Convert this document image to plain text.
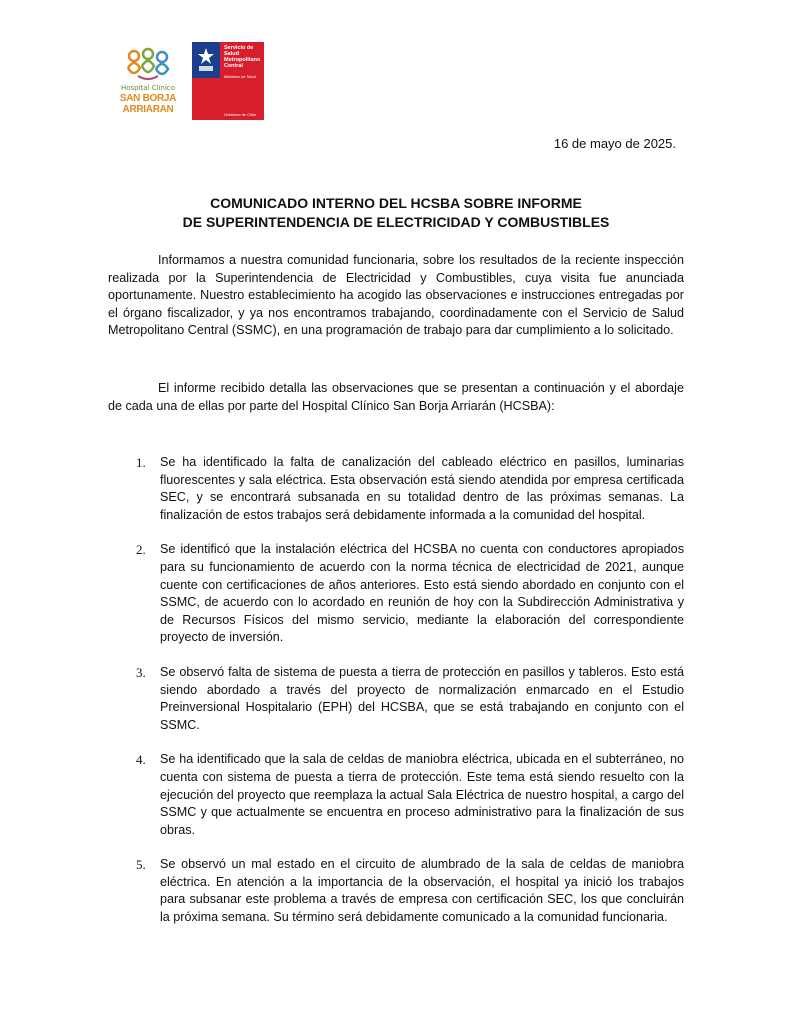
Hospital Clínico
SAN BORJA
ARRIARAN
Servicio de Salud Metropolitano Central
Ministerio de Salud
Gobierno de Chile
16 de mayo de 2025.
COMUNICADO INTERNO DEL HCSBA SOBRE INFORME
DE SUPERINTENDENCIA DE ELECTRICIDAD Y COMBUSTIBLES
Informamos a nuestra comunidad funcionaria, sobre los resultados de la reciente inspección realizada por la Superintendencia de Electricidad y Combustibles, cuya visita fue anunciada oportunamente. Nuestro establecimiento ha acogido las observaciones e instrucciones entregadas por el órgano fiscalizador, y ya nos encontramos trabajando, coordinadamente con el Servicio de Salud Metropolitano Central (SSMC), en una programación de trabajo para dar cumplimiento a lo solicitado.
El informe recibido detalla las observaciones que se presentan a continuación y el abordaje de cada una de ellas por parte del Hospital Clínico San Borja Arriarán (HCSBA):
1. Se ha identificado la falta de canalización del cableado eléctrico en pasillos, luminarias fluorescentes y sala eléctrica. Esta observación está siendo atendida por empresa certificada SEC, y se encontrará subsanada en su totalidad dentro de las próximas semanas. La finalización de estos trabajos será debidamente informada a la comunidad del hospital.
2. Se identificó que la instalación eléctrica del HCSBA no cuenta con conductores apropiados para su funcionamiento de acuerdo con la norma técnica de electricidad de 2021, aunque cuente con certificaciones de años anteriores. Esto está siendo abordado en conjunto con el SSMC, de acuerdo con lo acordado en reunión de hoy con la Subdirección Administrativa y de Recursos Físicos del mismo servicio, mediante la elaboración del correspondiente proyecto de inversión.
3. Se observó falta de sistema de puesta a tierra de protección en pasillos y tableros. Esto está siendo abordado a través del proyecto de normalización enmarcado en el Estudio Preinversional Hospitalario (EPH) del HCSBA, que se está trabajando en conjunto con el SSMC.
4. Se ha identificado que la sala de celdas de maniobra eléctrica, ubicada en el subterráneo, no cuenta con sistema de puesta a tierra de protección. Este tema está siendo resuelto con la ejecución del proyecto que reemplaza la actual Sala Eléctrica de nuestro hospital, a cargo del SSMC y que actualmente se encuentra en proceso administrativo para la finalización de sus obras.
5. Se observó un mal estado en el circuito de alumbrado de la sala de celdas de maniobra eléctrica. En atención a la importancia de la observación, el hospital ya inició los trabajos para subsanar este problema a través de empresa con certificación SEC, los que concluirán la próxima semana. Su término será debidamente comunicado a la comunidad funcionaria.
